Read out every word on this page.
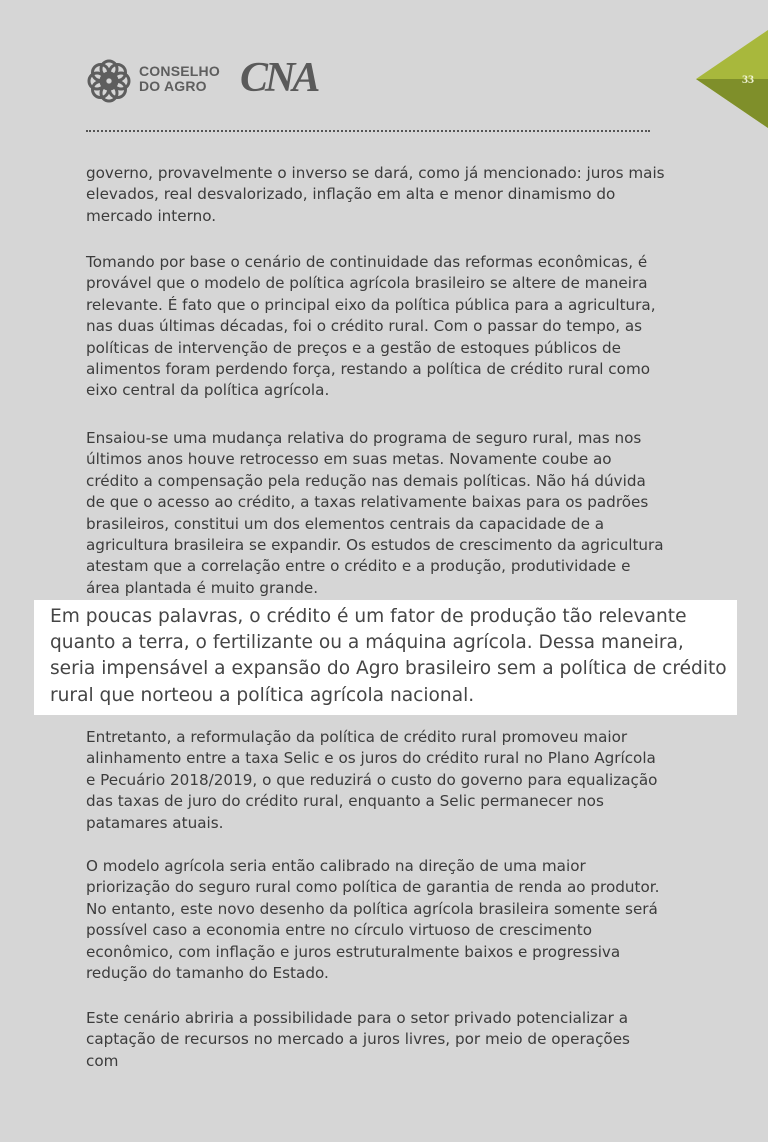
CONSELHO
DO AGRO CNA	33

governo, provavelmente o inverso se dará, como já mencionado: juros mais elevados, real desvalorizado, inflação em alta e menor dinamismo do mercado interno.

Tomando por base o cenário de continuidade das reformas econômicas, é provável que o modelo de política agrícola brasileiro se altere de maneira relevante. É fato que o principal eixo da política pública para a agricultura, nas duas últimas décadas, foi o crédito rural. Com o passar do tempo, as políticas de intervenção de preços e a gestão de estoques públicos de alimentos foram perdendo força, restando a política de crédito rural como eixo central da política agrícola.

Ensaiou-se uma mudança relativa do programa de seguro rural, mas nos últimos anos houve retrocesso em suas metas. Novamente coube ao crédito a compensação pela redução nas demais políticas. Não há dúvida de que o acesso ao crédito, a taxas relativamente baixas para os padrões brasileiros, constitui um dos elementos centrais da capacidade de a agricultura brasileira se expandir. Os estudos de crescimento da agricultura atestam que a correlação entre o crédito e a produção, produtividade e área plantada é muito grande.

Em poucas palavras, o crédito é um fator de produção tão relevante quanto a terra, o fertilizante ou a máquina agrícola. Dessa maneira, seria impensável a expansão do Agro brasileiro sem a política de crédito rural que norteou a política agrícola nacional.

Entretanto, a reformulação da política de crédito rural promoveu maior alinhamento entre a taxa Selic e os juros do crédito rural no Plano Agrícola e Pecuário 2018/2019, o que reduzirá o custo do governo para equalização das taxas de juro do crédito rural, enquanto a Selic permanecer nos patamares atuais.

O modelo agrícola seria então calibrado na direção de uma maior priorização do seguro rural como política de garantia de renda ao produtor. No entanto, este novo desenho da política agrícola brasileira somente será possível caso a economia entre no círculo virtuoso de crescimento econômico, com inflação e juros estruturalmente baixos e progressiva redução do tamanho do Estado.

Este cenário abriria a possibilidade para o setor privado potencializar a captação de recursos no mercado a juros livres, por meio de operações com
